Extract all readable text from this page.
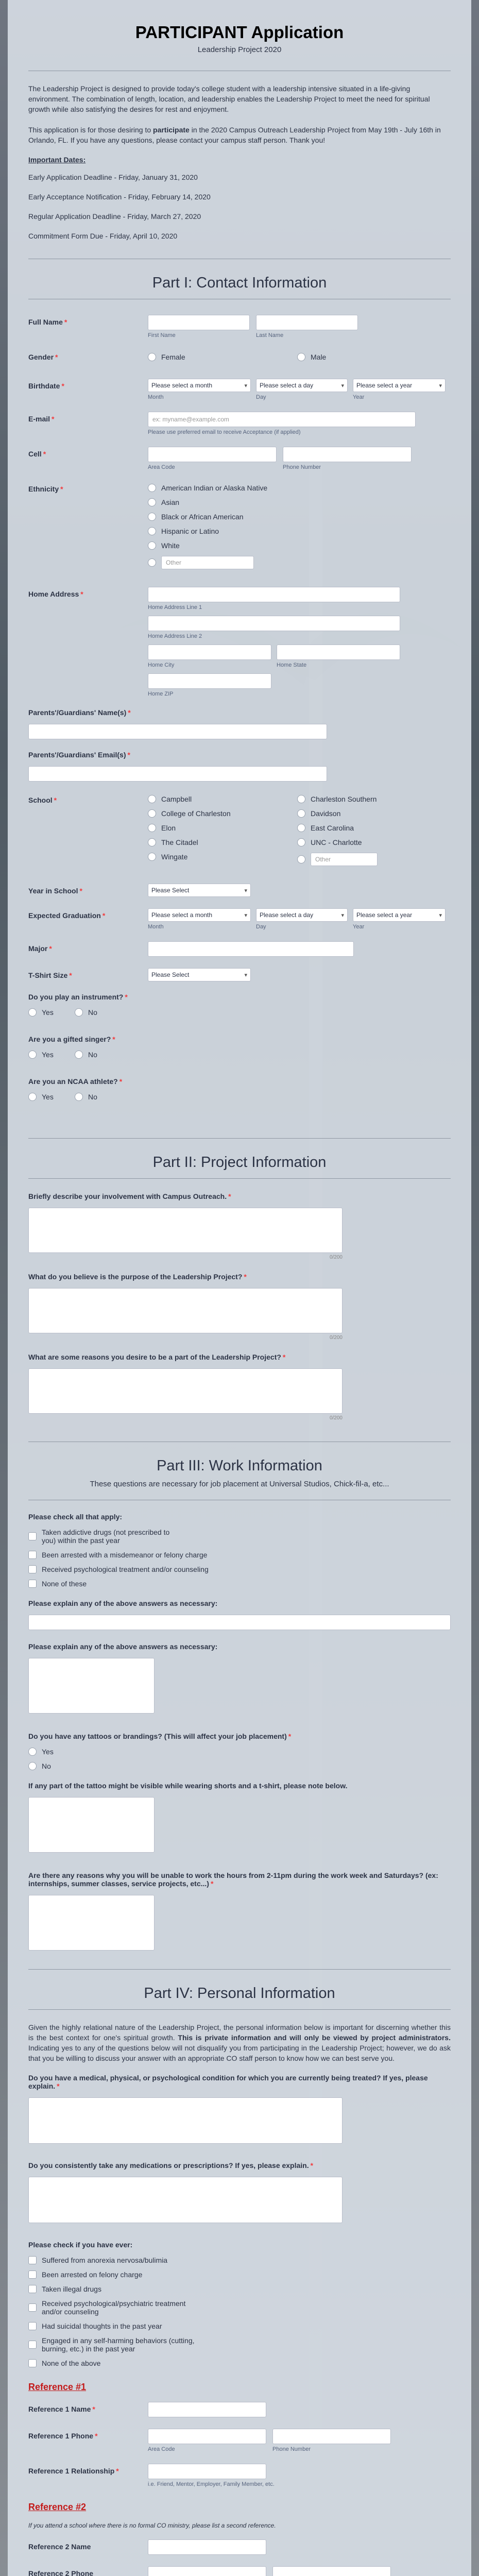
PARTICIPANT Application
Leadership Project 2020
The Leadership Project is designed to provide today's college student with a leadership intensive situated in a life-giving environment. The combination of length, location, and leadership enables the Leadership Project to meet the need for spiritual growth while also satisfying the desires for rest and enjoyment.
This application is for those desiring to participate in the 2020 Campus Outreach Leadership Project from May 19th - July 16th in Orlando, FL. If you have any questions, please contact your campus staff person. Thank you!
Important Dates:
Early Application Deadline - Friday, January 31, 2020
Early Acceptance Notification - Friday, February 14, 2020
Regular Application Deadline - Friday, March 27, 2020
Commitment Form Due - Friday, April 10, 2020
Part I: Contact Information
Full Name *
First Name	Last Name
Gender *	Female	Male
Birthdate *	Please select a month ▾
Month
Please select a day ▾
Day
Please select a year ▾
Year
E-mail *	ex: myname@example.com
Please use preferred email to receive Acceptance (if applied)
Cell *
Area Code	Phone Number
Ethnicity *	American Indian or Alaska Native
Asian
Black or African American
Hispanic or Latino
White
Other
Home Address *
Home Address Line 1
Home Address Line 2
Home City	Home State
Home ZIP
Parents'/Guardians' Name(s) *
Parents'/Guardians' Email(s) *
School *	Campbell
College of Charleston
Elon
The Citadel
Wingate
Charleston Southern
Davidson
East Carolina
UNC - Charlotte
Other
Year in School *	Please Select ▾
Expected Graduation *	Please select a month ▾
Month
Please select a day ▾
Day
Please select a year ▾
Year
Major *
T-Shirt Size *	Please Select ▾
Do you play an instrument? *
Yes	No
Are you a gifted singer? *
Yes	No
Are you an NCAA athlete? *
Yes	No
Part II: Project Information
Briefly describe your involvement with Campus Outreach. *
0/200
What do you believe is the purpose of the Leadership Project? *
0/200
What are some reasons you desire to be a part of the Leadership Project? *
0/200
Part III: Work Information
These questions are necessary for job placement at Universal Studios, Chick-fil-a, etc...
Please check all that apply:
Taken addictive drugs (not prescribed to you) within the past year
Been arrested with a misdemeanor or felony charge
Received psychological treatment and/or counseling
None of these
Please explain any of the above answers as necessary:
Please explain any of the above answers as necessary:
Do you have any tattoos or brandings? (This will affect your job placement) *
Yes
No
If any part of the tattoo might be visible while wearing shorts and a t-shirt, please note below.
Are there any reasons why you will be unable to work the hours from 2-11pm during the work week and Saturdays? (ex: internships, summer classes, service projects, etc...) *
Part IV: Personal Information
Given the highly relational nature of the Leadership Project, the personal information below is important for discerning whether this is the best context for one's spiritual growth. This is private information and will only be viewed by project administrators. Indicating yes to any of the questions below will not disqualify you from participating in the Leadership Project; however, we do ask that you be willing to discuss your answer with an appropriate CO staff person to know how we can best serve you.
Do you have a medical, physical, or psychological condition for which you are currently being treated? If yes, please explain. *
Do you consistently take any medications or prescriptions? If yes, please explain. *
Please check if you have ever:
Suffered from anorexia nervosa/bulimia
Been arrested on felony charge
Taken illegal drugs
Received psychological/psychiatric treatment and/or counseling
Had suicidal thoughts in the past year
Engaged in any self-harming behaviors (cutting, burning, etc.) in the past year
None of the above
Reference #1
Reference 1 Name *
Reference 1 Phone *
Area Code	Phone Number
Reference 1 Relationship *
i.e. Friend, Mentor, Employer, Family Member, etc.
Reference #2
If you attend a school where there is no formal CO ministry, please list a second reference.
Reference 2 Name
Reference 2 Phone
